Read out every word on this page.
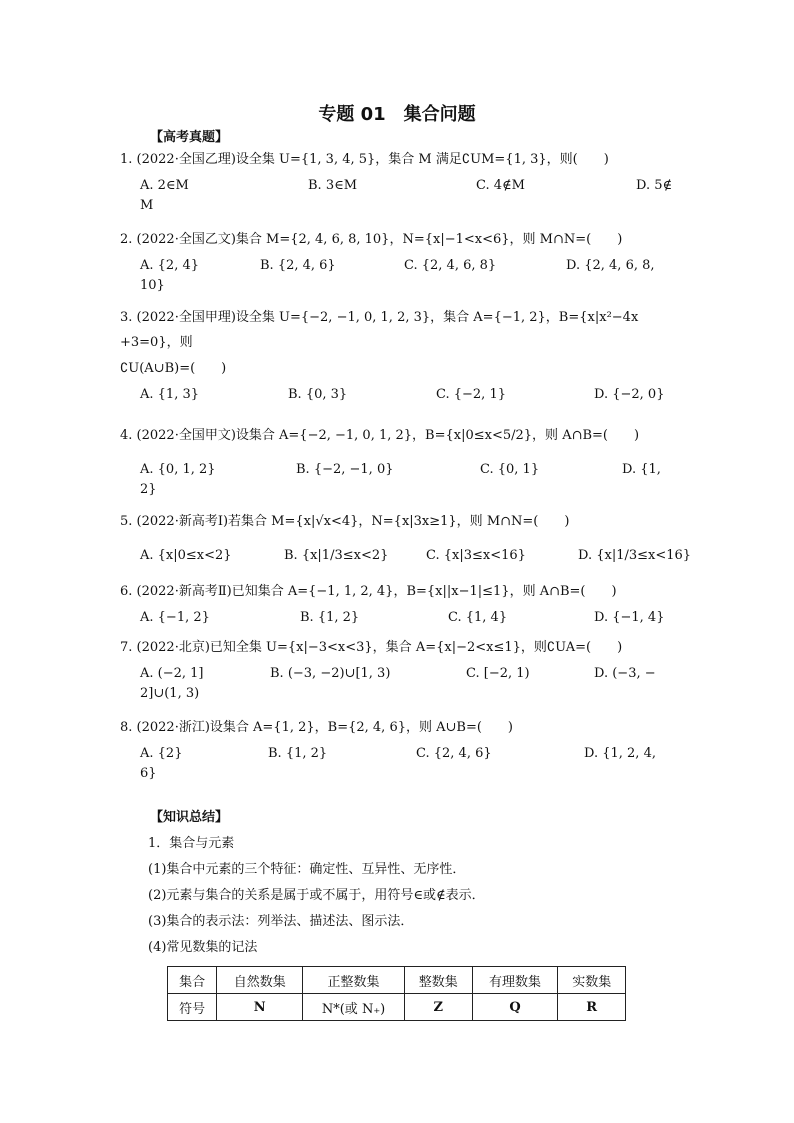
专题 01　集合问题
【高考真题】
1. (2022·全国乙理)设全集 U={1, 3, 4, 5}，集合 M 满足∁UM={1, 3}，则(　　)
A. 2∈M	B. 3∈M	C. 4∉M	D. 5∉
M
2. (2022·全国乙文)集合 M={2, 4, 6, 8, 10}，N={x|−1<x<6}，则 M∩N=(　　)
A. {2, 4}	B. {2, 4, 6}	C. {2, 4, 6, 8}	D. {2, 4, 6, 8,
10}
3. (2022·全国甲理)设全集 U={−2, −1, 0, 1, 2, 3}，集合 A={−1, 2}，B={x|x²−4x
+3=0}，则
∁U(A∪B)=(　　)
A. {1, 3}	B. {0, 3}	C. {−2, 1}	D. {−2, 0}
4. (2022·全国甲文)设集合 A={−2, −1, 0, 1, 2}，B={x|0≤x<5/2}，则 A∩B=(　　)
A. {0, 1, 2}	B. {−2, −1, 0}	C. {0, 1}	D. {1,
2}
5. (2022·新高考Ⅰ)若集合 M={x|√x<4}，N={x|3x≥1}，则 M∩N=(　　)
A. {x|0≤x<2}	B. {x|1/3≤x<2}	C. {x|3≤x<16}	D. {x|1/3≤x<16}
6. (2022·新高考Ⅱ)已知集合 A={−1, 1, 2, 4}，B={x||x−1|≤1}，则 A∩B=(　　)
A. {−1, 2}	B. {1, 2}	C. {1, 4}	D. {−1, 4}
7. (2022·北京)已知全集 U={x|−3<x<3}，集合 A={x|−2<x≤1}，则∁UA=(　　)
A. (−2, 1]	B. (−3, −2)∪[1, 3)	C. [−2, 1)	D. (−3, −
2]∪(1, 3)
8. (2022·浙江)设集合 A={1, 2}，B={2, 4, 6}，则 A∪B=(　　)
A. {2}	B. {1, 2}	C. {2, 4, 6}	D. {1, 2, 4,
6}
【知识总结】
1．集合与元素
(1)集合中元素的三个特征：确定性、互异性、无序性．
(2)元素与集合的关系是属于或不属于，用符号∈或∉表示．
(3)集合的表示法：列举法、描述法、图示法．
(4)常见数集的记法
集合	自然数集	正整数集	整数集	有理数集	实数集
符号	N	N*(或 N₊)	Z	Q	R
